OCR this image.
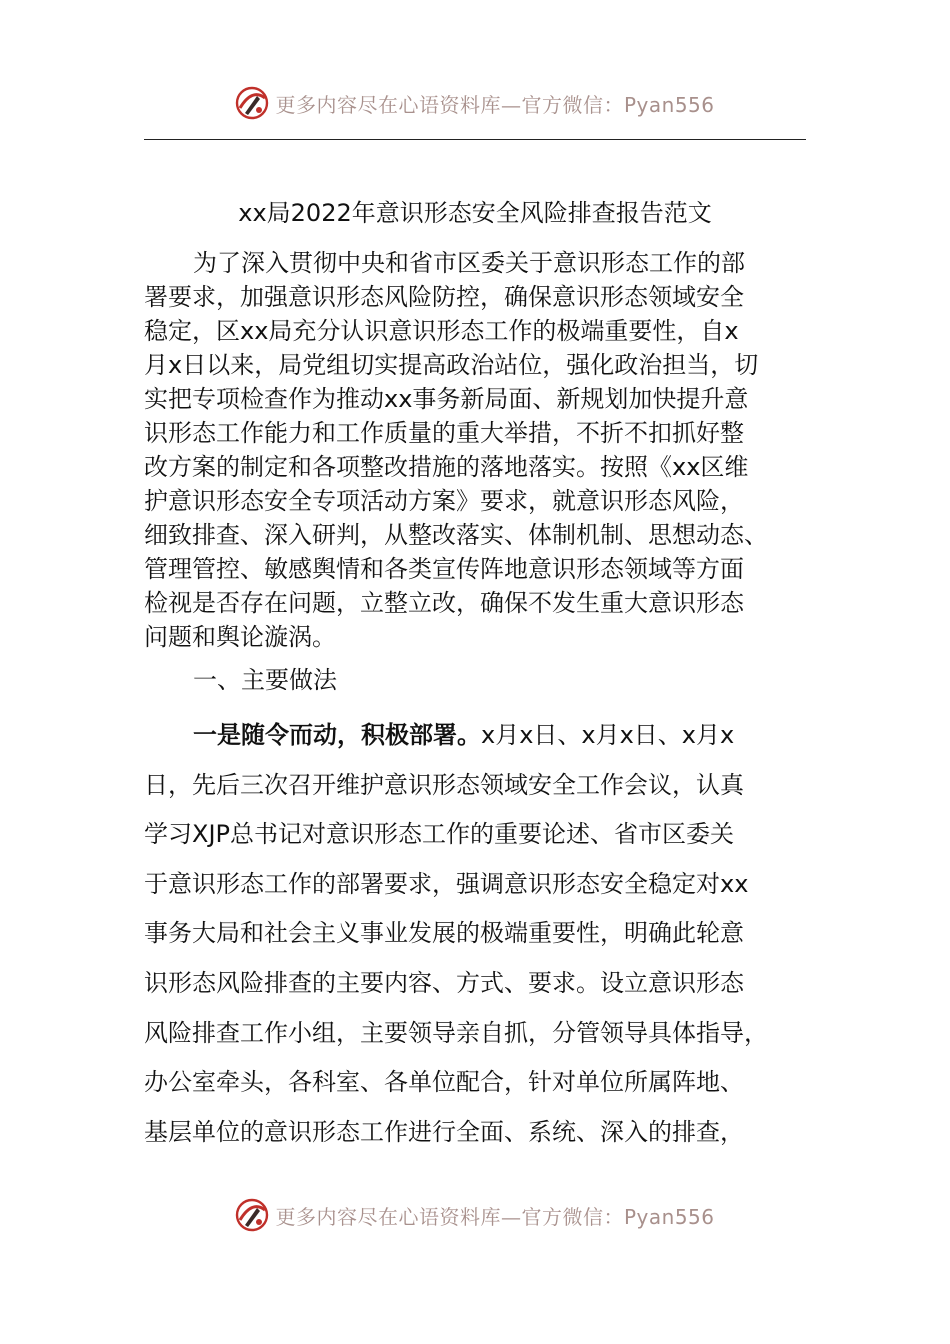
更多内容尽在心语资料库—官方微信：Pyan556
xx局2022年意识形态安全风险排查报告范文
为了深入贯彻中央和省市区委关于意识形态工作的部
署要求，加强意识形态风险防控，确保意识形态领域安全
稳定，区xx局充分认识意识形态工作的极端重要性，自x
月x日以来，局党组切实提高政治站位，强化政治担当，切
实把专项检查作为推动xx事务新局面、新规划加快提升意
识形态工作能力和工作质量的重大举措，不折不扣抓好整
改方案的制定和各项整改措施的落地落实。按照《xx区维
护意识形态安全专项活动方案》要求，就意识形态风险，
细致排查、深入研判，从整改落实、体制机制、思想动态、
管理管控、敏感舆情和各类宣传阵地意识形态领域等方面
检视是否存在问题，立整立改，确保不发生重大意识形态
问题和舆论漩涡。
一、主要做法
一是随令而动，积极部署。x月x日、x月x日、x月x
日，先后三次召开维护意识形态领域安全工作会议，认真
学习XJP总书记对意识形态工作的重要论述、省市区委关
于意识形态工作的部署要求，强调意识形态安全稳定对xx
事务大局和社会主义事业发展的极端重要性，明确此轮意
识形态风险排查的主要内容、方式、要求。设立意识形态
风险排查工作小组，主要领导亲自抓，分管领导具体指导，
办公室牵头，各科室、各单位配合，针对单位所属阵地、
基层单位的意识形态工作进行全面、系统、深入的排查，
更多内容尽在心语资料库—官方微信：Pyan556
